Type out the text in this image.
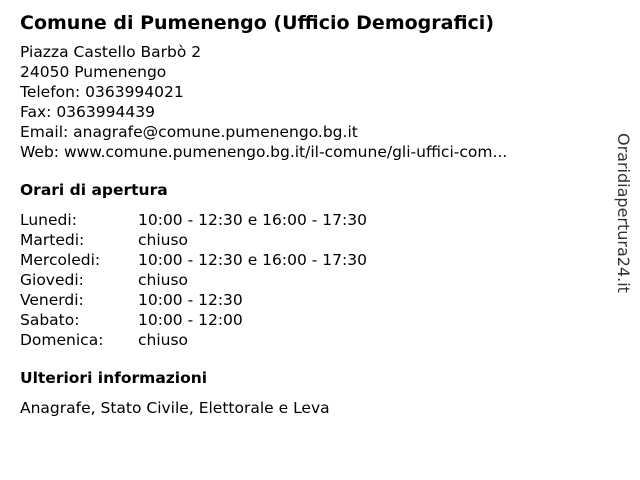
Comune di Pumenengo (Ufficio Demografici)
Piazza Castello Barbò 2
24050 Pumenengo
Telefon: 0363994021
Fax: 0363994439
Email: anagrafe@comune.pumenengo.bg.it
Web: www.comune.pumenengo.bg.it/il-comune/gli-uffici-com...
Orari di apertura
Lunedi:	10:00 - 12:30 e 16:00 - 17:30
Martedi:	chiuso
Mercoledi:	10:00 - 12:30 e 16:00 - 17:30
Giovedi:	chiuso
Venerdi:	10:00 - 12:30
Sabato:	10:00 - 12:00
Domenica:	chiuso
Ulteriori informazioni
Anagrafe, Stato Civile, Elettorale e Leva
Oraridiapertura24.it
